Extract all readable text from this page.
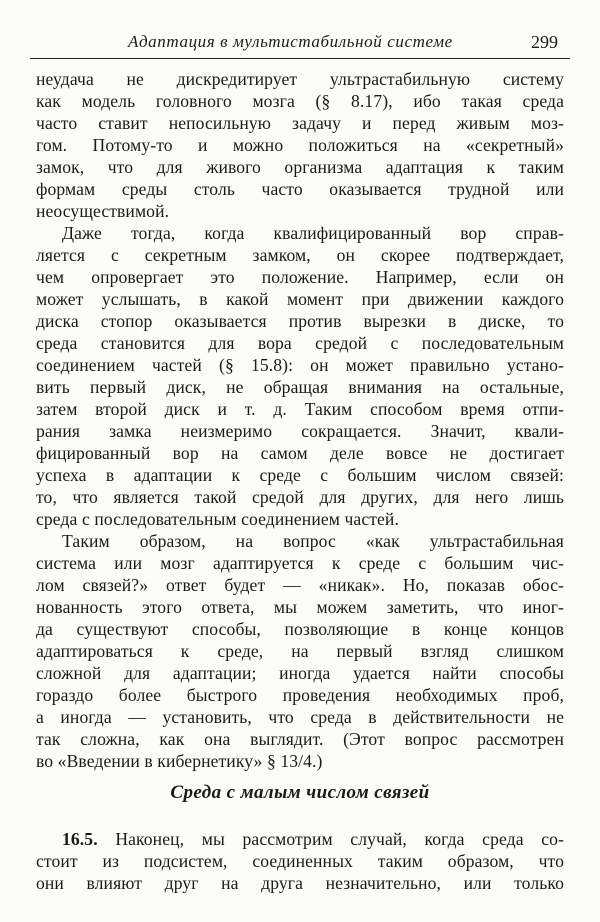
Адаптация в мультистабильной системе	299
неудача не дискредитирует ультрастабильную систему
как модель головного мозга (§ 8.17), ибо такая среда
часто ставит непосильную задачу и перед живым моз-
гом. Потому-то и можно положиться на «секретный»
замок, что для живого организма адаптация к таким
формам среды столь часто оказывается трудной или
неосуществимой.
Даже тогда, когда квалифицированный вор справ-
ляется с секретным замком, он скорее подтверждает,
чем опровергает это положение. Например, если он
может услышать, в какой момент при движении каждого
диска стопор оказывается против вырезки в диске, то
среда становится для вора средой с последовательным
соединением частей (§ 15.8): он может правильно устано-
вить первый диск, не обращая внимания на остальные,
затем второй диск и т. д. Таким способом время отпи-
рания замка неизмеримо сокращается. Значит, квали-
фицированный вор на самом деле вовсе не достигает
успеха в адаптации к среде с большим числом связей:
то, что является такой средой для других, для него лишь
среда с последовательным соединением частей.
Таким образом, на вопрос «как ультрастабильная
система или мозг адаптируется к среде с большим чис-
лом связей?» ответ будет — «никак». Но, показав обос-
нованность этого ответа, мы можем заметить, что иног-
да существуют способы, позволяющие в конце концов
адаптироваться к среде, на первый взгляд слишком
сложной для адаптации; иногда удается найти способы
гораздо более быстрого проведения необходимых проб,
а иногда — установить, что среда в действительности не
так сложна, как она выглядит. (Этот вопрос рассмотрен
во «Введении в кибернетику» § 13/4.)
Среда с малым числом связей
16.5. Наконец, мы рассмотрим случай, когда среда со-
стоит из подсистем, соединенных таким образом, что
они влияют друг на друга незначительно, или только
